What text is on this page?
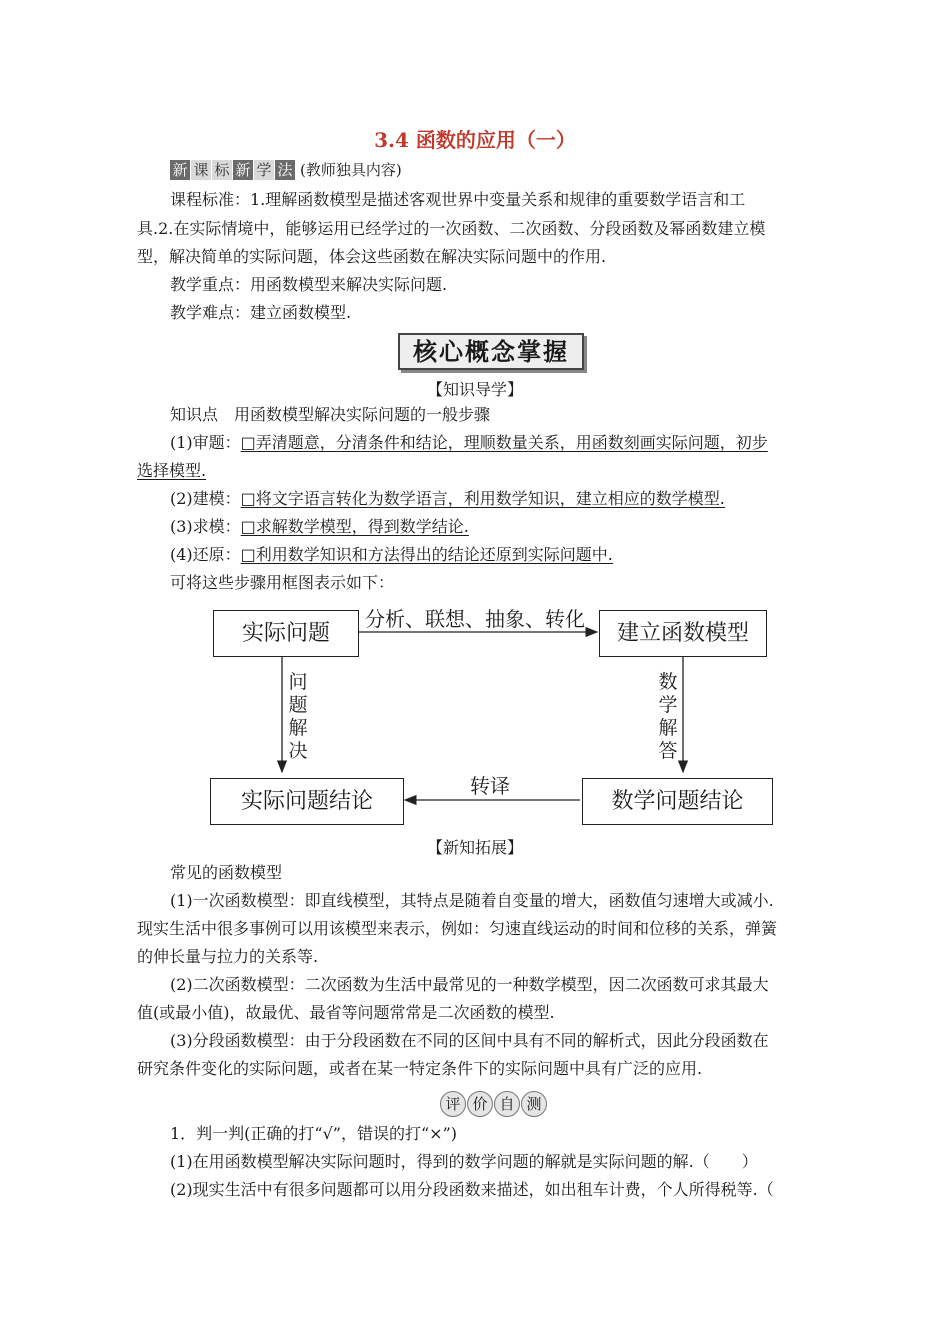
3.4 函数的应用（一）
新 课 标 新 学 法 (教师独具内容)
课程标准：1.理解函数模型是描述客观世界中变量关系和规律的重要数学语言和工
具.2.在实际情境中，能够运用已经学过的一次函数、二次函数、分段函数及幂函数建立模
型，解决简单的实际问题，体会这些函数在解决实际问题中的作用.
教学重点：用函数模型来解决实际问题.
教学难点：建立函数模型.
核心概念掌握
【知识导学】
知识点　用函数模型解决实际问题的一般步骤
(1)审题：□弄清题意，分清条件和结论，理顺数量关系，用函数刻画实际问题，初步
选择模型.
(2)建模：□将文字语言转化为数学语言，利用数学知识，建立相应的数学模型.
(3)求模：□求解数学模型，得到数学结论.
(4)还原：□利用数学知识和方法得出的结论还原到实际问题中.
可将这些步骤用框图表示如下：
实际问题	建立函数模型
实际问题结论	数学问题结论
分析、联想、抽象、转化
转译
问
题
解
决
数
学
解
答
【新知拓展】
常见的函数模型
(1)一次函数模型：即直线模型，其特点是随着自变量的增大，函数值匀速增大或减小.
现实生活中很多事例可以用该模型来表示，例如：匀速直线运动的时间和位移的关系，弹簧
的伸长量与拉力的关系等.
(2)二次函数模型：二次函数为生活中最常见的一种数学模型，因二次函数可求其最大
值(或最小值)，故最优、最省等问题常常是二次函数的模型.
(3)分段函数模型：由于分段函数在不同的区间中具有不同的解析式，因此分段函数在
研究条件变化的实际问题，或者在某一特定条件下的实际问题中具有广泛的应用.
评 价 自 测
1．判一判(正确的打“√”，错误的打“×”)
(1)在用函数模型解决实际问题时，得到的数学问题的解就是实际问题的解.（　　）
(2)现实生活中有很多问题都可以用分段函数来描述，如出租车计费，个人所得税等.（
